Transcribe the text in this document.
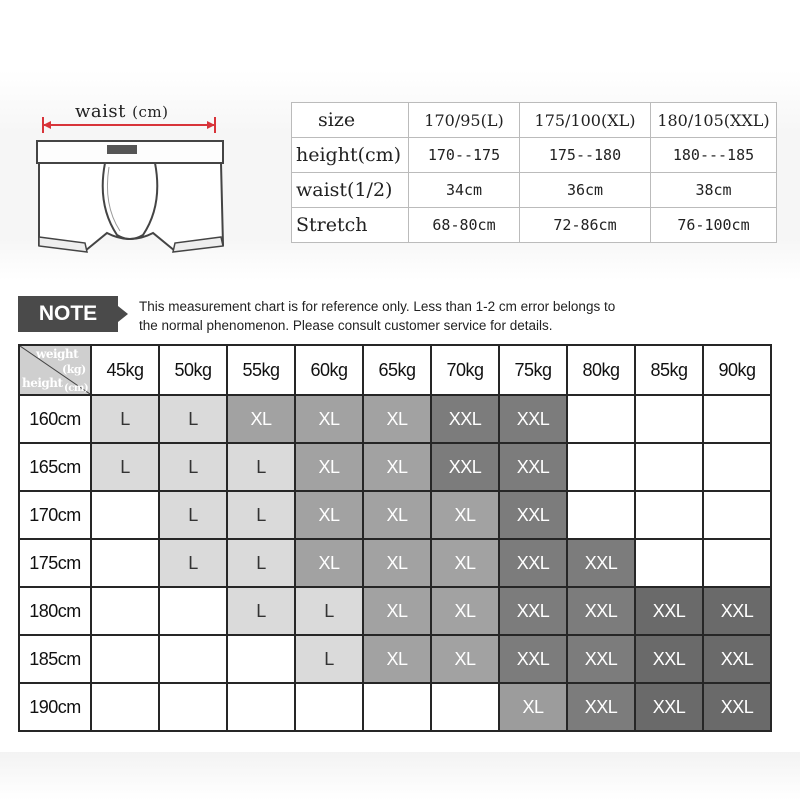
waist (cm)	size	170/95(L)	175/100(XL)	180/105(XXL)
height(cm)	170--175	175--180	180---185
waist(1/2)	34cm	36cm	38cm
Stretch	68-80cm	72-86cm	76-100cm
NOTE	This measurement chart is for reference only. Less than 1-2 cm error belongs to
the normal phenomenon. Please consult customer service for details.
weight
(kg)
height (cm)	45kg	50kg	55kg	60kg	65kg	70kg	75kg	80kg	85kg	90kg
160cm	L	L	XL	XL	XL	XXL	XXL			
165cm	L	L	L	XL	XL	XXL	XXL			
170cm		L	L	XL	XL	XL	XXL			
175cm		L	L	XL	XL	XL	XXL	XXL		
180cm			L	L	XL	XL	XXL	XXL	XXL	XXL
185cm				L	XL	XL	XXL	XXL	XXL	XXL
190cm							XL	XXL	XXL	XXL
